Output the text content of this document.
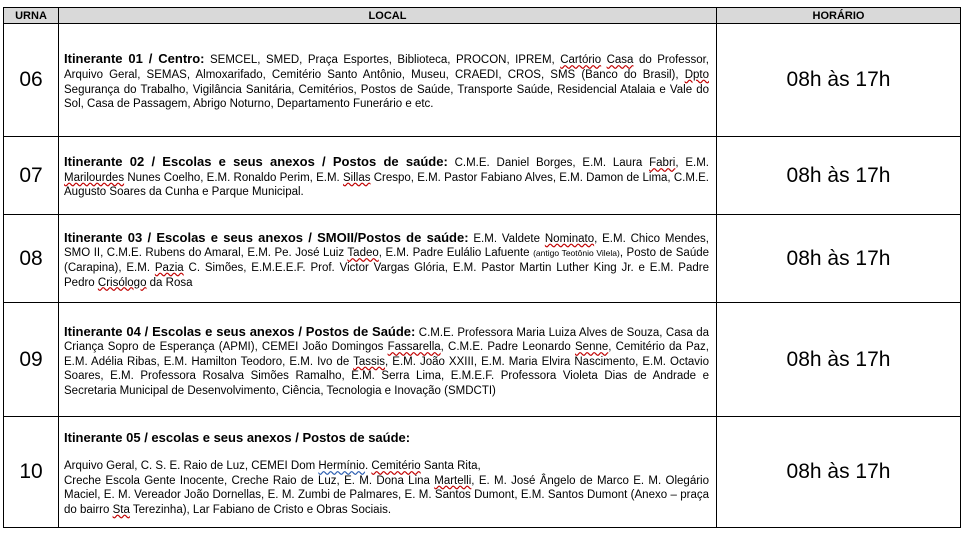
URNA	LOCAL	HORÁRIO
06	Itinerante 01 / Centro: SEMCEL, SMED, Praça Esportes, Biblioteca, PROCON, IPREM, Cartório Casa do Professor, Arquivo Geral, SEMAS, Almoxarifado, Cemitério Santo Antônio, Museu, CRAEDI, CROS, SMS (Banco do Brasil), Dpto Segurança do Trabalho, Vigilância Sanitária, Cemitérios, Postos de Saúde, Transporte Saúde, Residencial Atalaia e Vale do Sol, Casa de Passagem, Abrigo Noturno, Departamento Funerário e etc.	08h às 17h
07	Itinerante 02 / Escolas e seus anexos / Postos de saúde: C.M.E. Daniel Borges, E.M. Laura Fabri, E.M. Marilourdes Nunes Coelho, E.M. Ronaldo Perim, E.M. Sillas Crespo, E.M. Pastor Fabiano Alves, E.M. Damon de Lima, C.M.E. Augusto Soares da Cunha e Parque Municipal.	08h às 17h
08	Itinerante 03 / Escolas e seus anexos / SMOII/Postos de saúde: E.M. Valdete Nominato, E.M. Chico Mendes, SMO II, C.M.E. Rubens do Amaral, E.M. Pe. José Luiz Tadeo, E.M. Padre Eulálio Lafuente (antigo Teotônio Vilela), Posto de Saúde (Carapina), E.M. Pazia C. Simões, E.M.E.E.F. Prof. Victor Vargas Glória, E.M. Pastor Martin Luther King Jr. e E.M. Padre Pedro Crisólogo da Rosa	08h às 17h
09	Itinerante 04 / Escolas e seus anexos / Postos de Saúde: C.M.E. Professora Maria Luiza Alves de Souza, Casa da Criança Sopro de Esperança (APMI), CEMEI João Domingos Fassarella, C.M.E. Padre Leonardo Senne, Cemitério da Paz, E.M. Adélia Ribas, E.M. Hamilton Teodoro, E.M. Ivo de Tassis, E.M. João XXIII, E.M. Maria Elvira Nascimento, E.M. Octavio Soares, E.M. Professora Rosalva Simões Ramalho, E.M. Serra Lima, E.M.E.F. Professora Violeta Dias de Andrade e Secretaria Municipal de Desenvolvimento, Ciência, Tecnologia e Inovação (SMDCTI)	08h às 17h
10	Itinerante 05 / escolas e seus anexos / Postos de saúde:
Arquivo Geral, C. S. E. Raio de Luz, CEMEI Dom Hermínio. Cemitério Santa Rita,
Creche Escola Gente Inocente, Creche Raio de Luz, E. M. Dona Lina Martelli, E. M. José Ângelo de Marco E. M. Olegário Maciel, E. M. Vereador João Dornellas, E. M. Zumbi de Palmares, E. M. Santos Dumont, E.M. Santos Dumont (Anexo – praça do bairro Sta Terezinha), Lar Fabiano de Cristo e Obras Sociais.	08h às 17h
